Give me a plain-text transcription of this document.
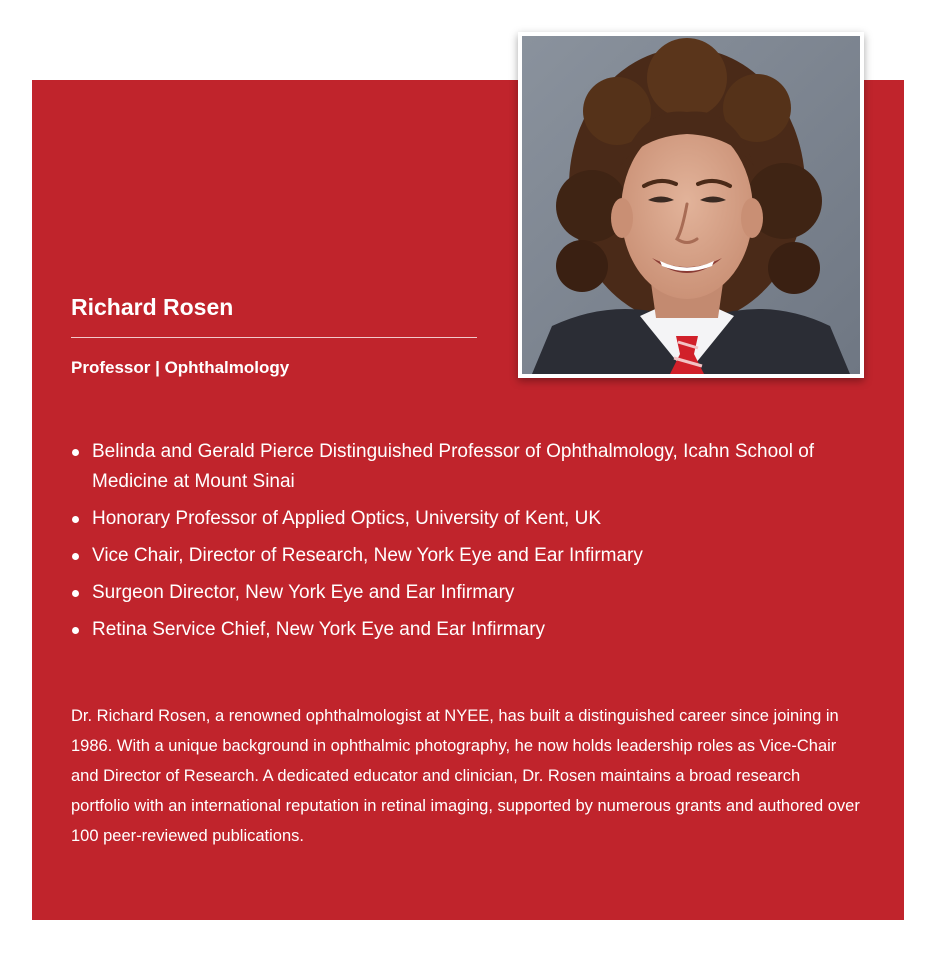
Richard Rosen
Professor | Ophthalmology
Belinda and Gerald Pierce Distinguished Professor of Ophthalmology, Icahn School of Medicine at Mount Sinai
Honorary Professor of Applied Optics, University of Kent, UK
Vice Chair, Director of Research, New York Eye and Ear Infirmary
Surgeon Director, New York Eye and Ear Infirmary
Retina Service Chief, New York Eye and Ear Infirmary

Dr. Richard Rosen, a renowned ophthalmologist at NYEE, has built a distinguished career since joining in 1986. With a unique background in ophthalmic photography, he now holds leadership roles as Vice-Chair and Director of Research. A dedicated educator and clinician, Dr. Rosen maintains a broad research portfolio with an international reputation in retinal imaging, supported by numerous grants and authored over 100 peer-reviewed publications.
